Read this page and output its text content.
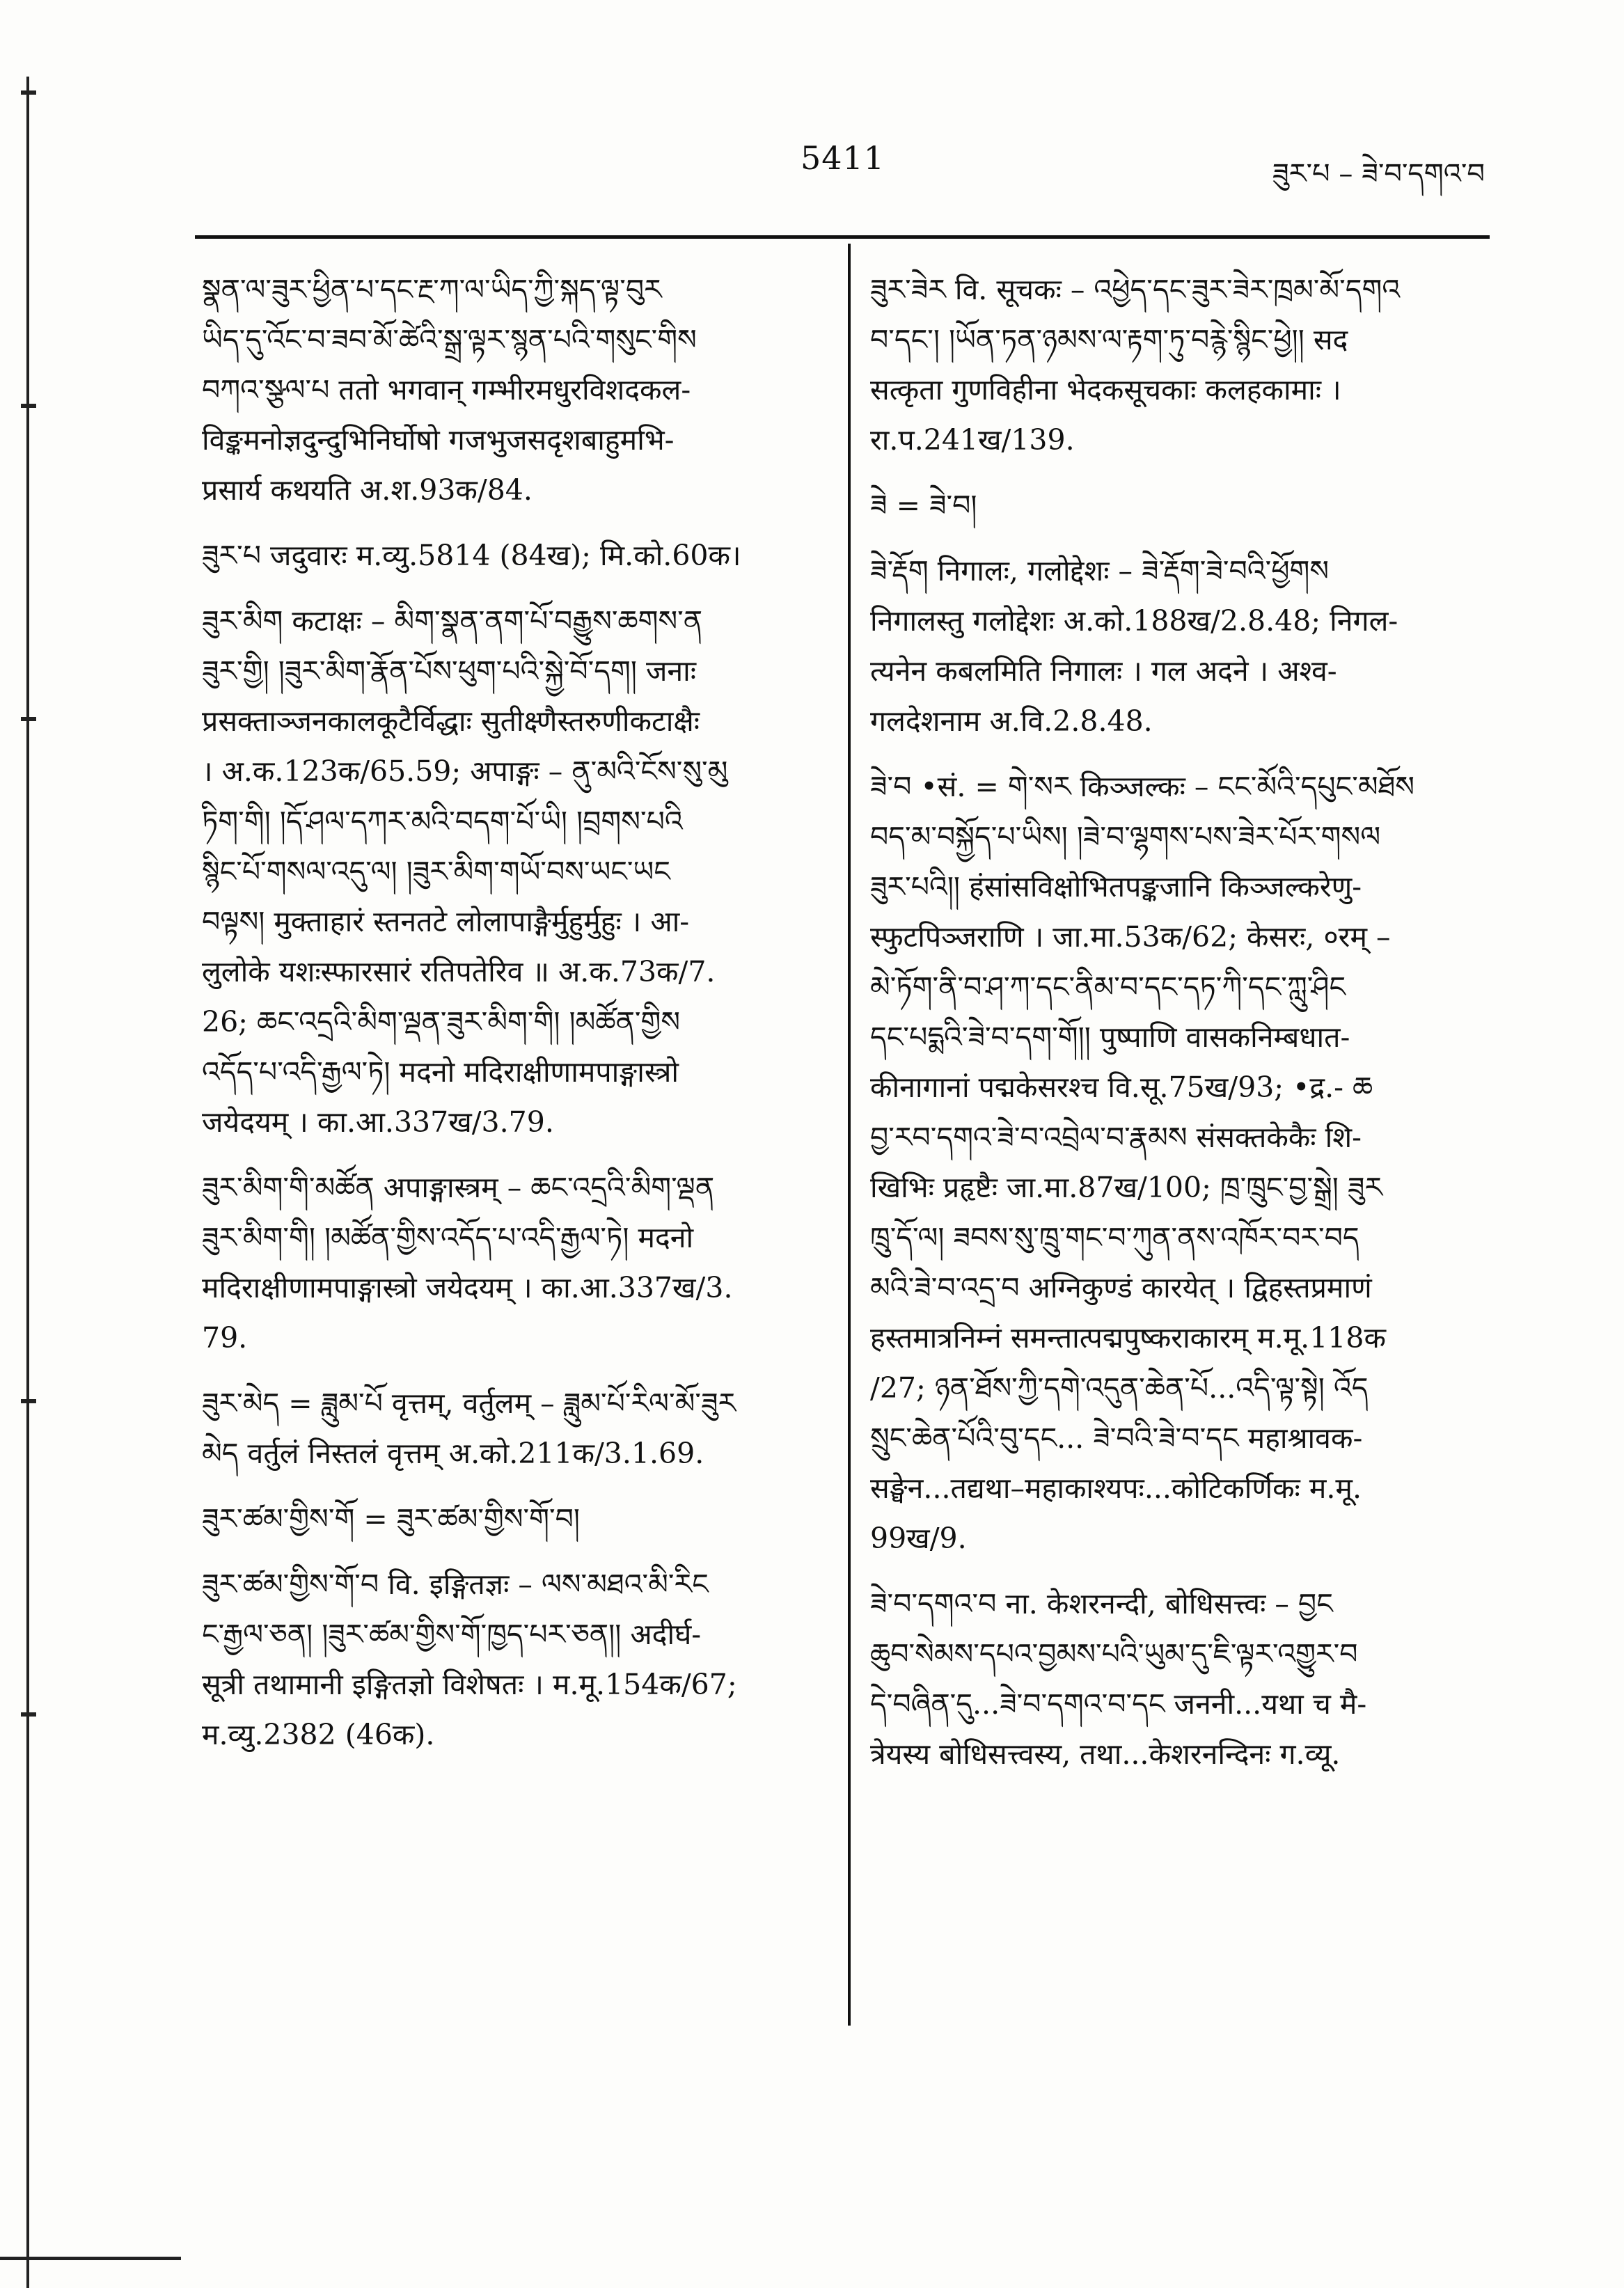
5411	ཟུར་པ – ཟེ་བ་དགའ་བ

སྣན་ལ་ཟུར་ཕྱིན་པ་དང་རྔ་ཀ་ལ་ཡིད་ཀྱི་སྐད་ལྟ་བུར

ཡིད་དུ་འོང་བ་ཟབ་མོ་ཚེའི་སྒྲ་ལྟར་སྙན་པའི་གསུང་གིས

བཀའ་སྩལ་པ ततो भगवान् गम्भीरमधुरविशदकल-

विङ्कमनोज्ञदुन्दुभिनिर्घोषो गजभुजसदृशबाहुमभि-

प्रसार्य कथयति अ.श.93क/84.

ཟུར་པ जदुवारः म.व्यु.5814 (84ख); मि.को.60क।

ཟུར་མིག कटाक्षः – མིག་སྣན་ནག་པོ་བརྒྱུས་ཆགས་ན

ཟུར་གྱི། །ཟུར་མིག་རྣོན་པོས་ཕུག་པའི་སྐྱེ་བོ་དག། जनाः

प्रसक्ताञ्जनकालकूटैर्विद्धाः सुतीक्ष्णैस्तरुणीकटाक्षैः

। अ.क.123क/65.59; अपाङ्गः – ནུ་མའི་ངོས་སུ་མུ

ཏིག་གི། །དོ་ཤལ་དཀར་མའི་བདག་པོ་ཡི། །བྲགས་པའི

སྙིང་པོ་གསལ་འདུ་ལ། །ཟུར་མིག་གཡོ་བས་ཡང་ཡང

བལྟས། मुक्ताहारं स्तनतटे लोलापाङ्गैर्मुहुर्मुहुः । आ-

लुलोके यशःस्फारसारं रतिपतेरिव ॥ अ.क.73क/7.

26; ཆང་འདྲའི་མིག་ལྡན་ཟུར་མིག་གི། །མཚོན་གྱིས

འདོད་པ་འདི་རྒྱལ་ཏེ། मदनो मदिराक्षीणामपाङ्गास्त्रो

जयेदयम् । का.आ.337ख/3.79.

ཟུར་མིག་གི་མཚོན अपाङ्गास्त्रम् – ཆང་འདྲའི་མིག་ལྡན

ཟུར་མིག་གི། །མཚོན་གྱིས་འདོད་པ་འདི་རྒྱལ་ཏེ། मदनो

मदिराक्षीणामपाङ्गास्त्रो जयेदयम् । का.आ.337ख/3.

79.

ཟུར་མེད = ཟླུམ་པོ वृत्तम्, वर्तुलम् – ཟླུམ་པོ་རིལ་མོ་ཟུར

མེད वर्तुलं निस्तलं वृत्तम् अ.को.211क/3.1.69.

ཟུར་ཚམ་གྱིས་གོ = ཟུར་ཚམ་གྱིས་གོ་བ།

ཟུར་ཚམ་གྱིས་གོ་བ वि. इङ्गितज्ञः – ལས་མཐའ་མི་རིང

ང་རྒྱལ་ཅན། །ཟུར་ཚམ་གྱིས་གོ་ཁྱད་པར་ཅན།། अदीर्घ-

सूत्री तथामानी इङ्गितज्ञो विशेषतः । म.मू.154क/67;

म.व्यु.2382 (46क).

ཟུར་ཟེར वि. सूचकः – འཕྱེད་དང་ཟུར་ཟེར་ཁྲམ་མོ་དགའ

བ་དང་། །ཡོན་ཏན་ཉམས་ལ་རྟག་ཏུ་བརྙེ་སྙིང་ཕྱེ།། सद

सत्कृता गुणविहीना भेदकसूचकाः कलहकामाः ।

रा.प.241ख/139.

ཟེ = ཟེ་བ།

ཟེ་རྡོག निगालः, गलोद्देशः – ཟེ་རྡོག་ཟེ་བའི་ཕྱོགས

निगालस्तु गलोद्देशः अ.को.188ख/2.8.48; निगल-

त्यनेन कबलमिति निगालः । गल अदने । अश्व-

गलदेशनाम अ.वि.2.8.48.

ཟེ་བ •सं. = གེ་སར किञ्जल्कः – ངང་མོའི་དཔུང་མཐོས

བད་མ་བསྐྱོད་པ་ཡིས། །ཟེ་བ་ལྷགས་པས་ཟེར་པོར་གསལ

ཟུར་པའི།། हंसांसविक्षोभितपङ्कजानि किञ्जल्करेणु-

स्फुटपिञ्जराणि । जा.मा.53क/62; केसरः, ०रम् –

མེ་ཏོག་ནི་བ་ཤ་ཀ་དང་ནིམ་བ་དང་དཏ་ཀི་དང་ཀླུ་ཤིང

དང་པདྨའི་ཟེ་བ་དག་གོ།། पुष्पाणि वासकनिम्बधात-

कीनागानां पद्मकेसरश्च वि.सू.75ख/93; •द्र.- ཆ

བྱ་རབ་དགའ་ཟེ་བ་འབྲེལ་བ་རྣམས संसक्तकेकैः शि-

खिभिः प्रहृष्टैः जा.मा.87ख/100; ཁྲ་ཁྲུང་བྱ་སྒྲེ། ཟུར

ཁྲུ་དོ་ལ། ཟབས་སུ་ཁྲུ་གང་བ་ཀུན་ནས་འཁོར་བར་བད

མའི་ཟེ་བ་འདྲ་བ अग्निकुण्डं कारयेत् । द्विहस्तप्रमाणं

हस्तमात्रनिम्नं समन्तात्पद्मपुष्कराकारम् म.मू.118क

/27; ཉན་ཐོས་ཀྱི་དགེ་འདུན་ཆེན་པོ...འདི་ལྟ་སྟེ། འོད

སྲུང་ཆེན་པོའི་བུ་དང... ཟེ་བའི་ཟེ་བ་དང महाश्रावक-

सङ्घेन...तद्यथा–महाकाश्यपः...कोटिकर्णिकः म.मू.

99ख/9.

ཟེ་བ་དགའ་བ ना. केशरनन्दी, बोधिसत्त्वः – བྱང

ཆུབ་སེམས་དཔའ་བྱམས་པའི་ཡུམ་དུ་ཇི་ལྟར་འགྱུར་བ

དེ་བཞིན་དུ...ཟེ་བ་དགའ་བ་དང जननी...यथा च मै-

त्रेयस्य बोधिसत्त्वस्य, तथा...केशरनन्दिनः ग.व्यू.
